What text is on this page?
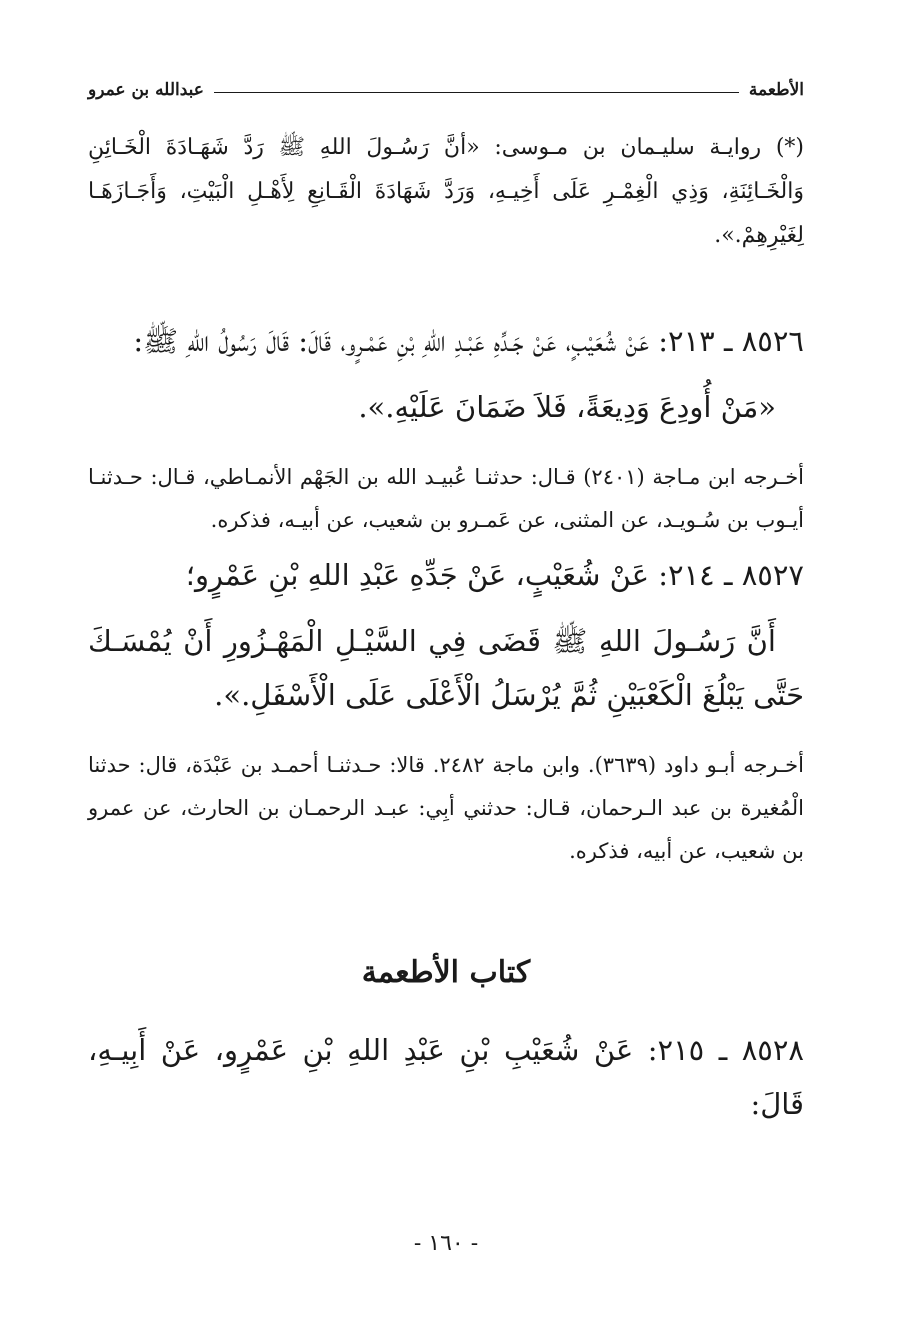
الأطعمة
عبدالله بن عمرو

(*) روايـة سليـمان بن مـوسى: «أنَّ رَسُـولَ اللهِ ﷺ رَدَّ شَهَـادَةَ الْخَـائِنِ وَالْخَـائِنَةِ، وَذِي الْغِمْـرِ عَلَى أَخِيـهِ، وَرَدَّ شَهَادَةَ الْقَـانِعِ لِأَهْـلِ الْبَيْتِ، وَأَجَـازَهَـا لِغَيْرِهِمْ.».

٨٥٢٦ ـ ٢١٣: عَنْ شُعَيْبٍ، عَنْ جَـدِّهِ عَبْـدِ اللهِ بْنِ عَمْـرٍو، قَالَ: قَالَ رَسُولُ اللهِ ﷺ:

«مَنْ أُودِعَ وَدِيعَةً، فَلاَ ضَمَانَ عَلَيْهِ.».

أخـرجه ابن مـاجة (٢٤٠١) قـال: حدثنـا عُبيـد الله بن الجَهْم الأنمـاطي، قـال: حـدثنـا أيـوب بن سُـويـد، عن المثنى، عن عَمـرو بن شعيب، عن أبيـه، فذكره.

٨٥٢٧ ـ ٢١٤: عَنْ شُعَيْبٍ، عَنْ جَدِّهِ عَبْدِ اللهِ بْنِ عَمْرٍو؛

أَنَّ رَسُـولَ اللهِ ﷺ قَضَى فِي السَّيْـلِ الْمَهْـزُورِ أَنْ يُمْسَـكَ حَتَّى يَبْلُغَ الْكَعْبَيْنِ ثُمَّ يُرْسَلُ الْأَعْلَى عَلَى الْأَسْفَلِ.».

أخـرجه أبـو داود (٣٦٣٩). وابن ماجة ٢٤٨٢. قالا: حـدثنـا أحمـد بن عَبْدَة، قال: حدثنا الْمُغيرة بن عبد الـرحمان، قـال: حدثني أبِي: عبـد الرحمـان بن الحارث، عن عمرو بن شعيب، عن أبيه، فذكره.

كتاب الأطعمة

٨٥٢٨ ـ ٢١٥: عَنْ شُعَيْبِ بْنِ عَبْدِ اللهِ بْنِ عَمْرٍو، عَنْ أَبِيـهِ، قَالَ:

- ١٦٠ -
